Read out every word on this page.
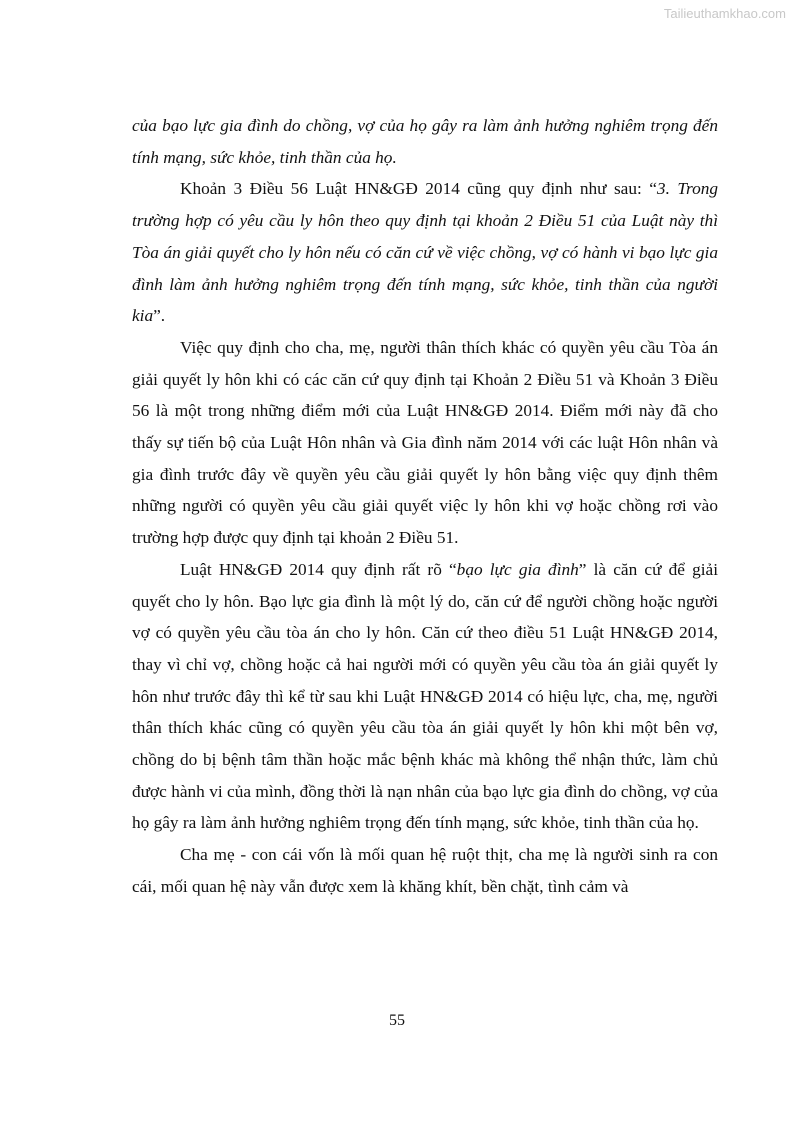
Tailieuthamkhao.com

của bạo lực gia đình do chồng, vợ của họ gây ra làm ảnh hưởng nghiêm trọng đến tính mạng, sức khỏe, tinh thần của họ.

Khoản 3 Điều 56 Luật HN&GĐ 2014 cũng quy định như sau: “3. Trong trường hợp có yêu cầu ly hôn theo quy định tại khoản 2 Điều 51 của Luật này thì Tòa án giải quyết cho ly hôn nếu có căn cứ về việc chồng, vợ có hành vi bạo lực gia đình làm ảnh hưởng nghiêm trọng đến tính mạng, sức khỏe, tinh thần của người kia”.

Việc quy định cho cha, mẹ, người thân thích khác có quyền yêu cầu Tòa án giải quyết ly hôn khi có các căn cứ quy định tại Khoản 2 Điều 51 và Khoản 3 Điều 56 là một trong những điểm mới của Luật HN&GĐ 2014. Điểm mới này đã cho thấy sự tiến bộ của Luật Hôn nhân và Gia đình năm 2014 với các luật Hôn nhân và gia đình trước đây về quyền yêu cầu giải quyết ly hôn bằng việc quy định thêm những người có quyền yêu cầu giải quyết việc ly hôn khi vợ hoặc chồng rơi vào trường hợp được quy định tại khoản 2 Điều 51.

Luật HN&GĐ 2014 quy định rất rõ “bạo lực gia đình” là căn cứ để giải quyết cho ly hôn. Bạo lực gia đình là một lý do, căn cứ để người chồng hoặc người vợ có quyền yêu cầu tòa án cho ly hôn. Căn cứ theo điều 51 Luật HN&GĐ 2014, thay vì chỉ vợ, chồng hoặc cả hai người mới có quyền yêu cầu tòa án giải quyết ly hôn như trước đây thì kể từ sau khi Luật HN&GĐ 2014 có hiệu lực, cha, mẹ, người thân thích khác cũng có quyền yêu cầu tòa án giải quyết ly hôn khi một bên vợ, chồng do bị bệnh tâm thần hoặc mắc bệnh khác mà không thể nhận thức, làm chủ được hành vi của mình, đồng thời là nạn nhân của bạo lực gia đình do chồng, vợ của họ gây ra làm ảnh hưởng nghiêm trọng đến tính mạng, sức khỏe, tinh thần của họ.

Cha mẹ - con cái vốn là mối quan hệ ruột thịt, cha mẹ là người sinh ra con cái, mối quan hệ này vẫn được xem là khăng khít, bền chặt, tình cảm và

55
